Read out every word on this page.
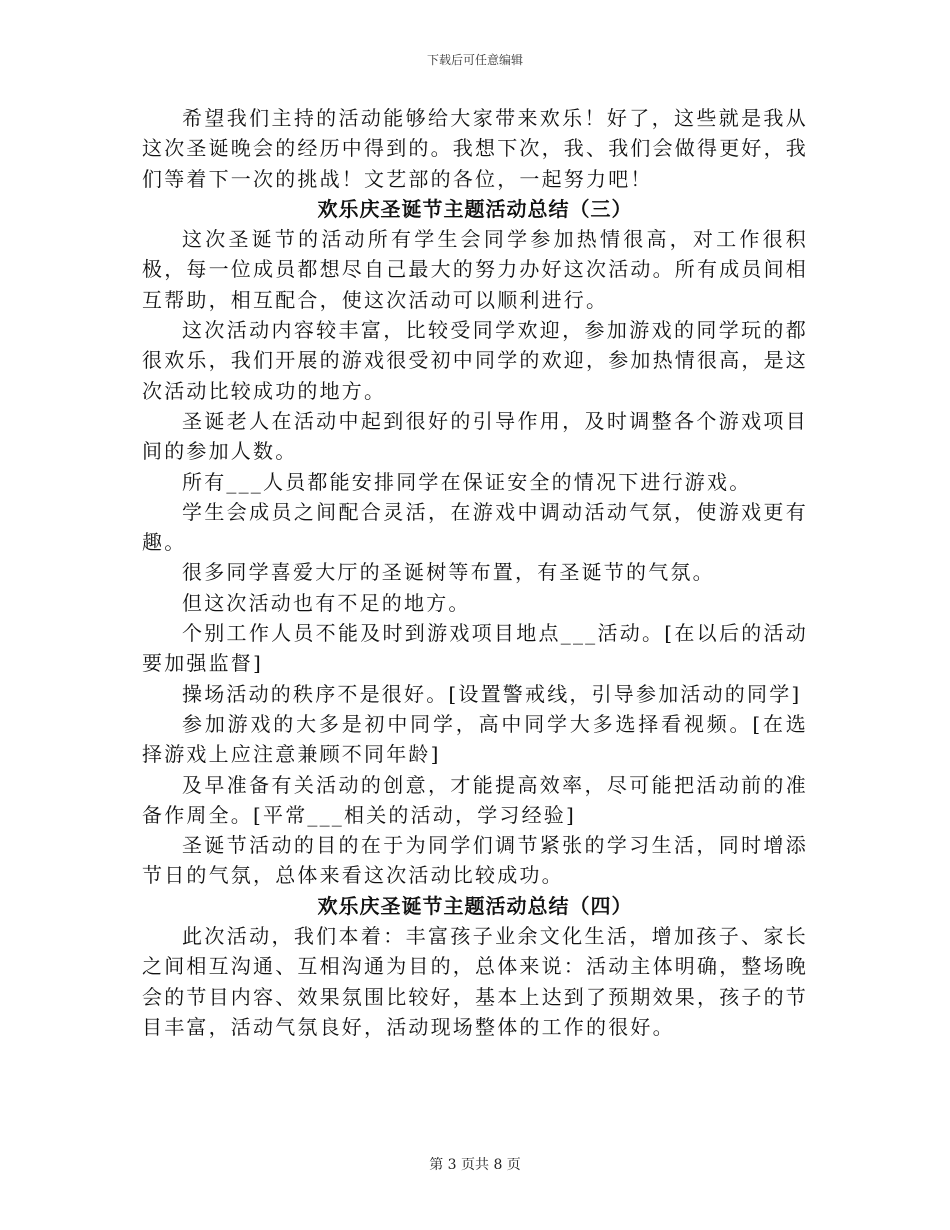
下载后可任意编辑

希望我们主持的活动能够给大家带来欢乐！好了，这些就是我从这次圣诞晚会的经历中得到的。我想下次，我、我们会做得更好，我们等着下一次的挑战！文艺部的各位，一起努力吧！

欢乐庆圣诞节主题活动总结（三）

这次圣诞节的活动所有学生会同学参加热情很高，对工作很积极，每一位成员都想尽自己最大的努力办好这次活动。所有成员间相互帮助，相互配合，使这次活动可以顺利进行。

这次活动内容较丰富，比较受同学欢迎，参加游戏的同学玩的都很欢乐，我们开展的游戏很受初中同学的欢迎，参加热情很高，是这次活动比较成功的地方。

圣诞老人在活动中起到很好的引导作用，及时调整各个游戏项目间的参加人数。

所有___人员都能安排同学在保证安全的情况下进行游戏。

学生会成员之间配合灵活，在游戏中调动活动气氛，使游戏更有趣。

很多同学喜爱大厅的圣诞树等布置，有圣诞节的气氛。

但这次活动也有不足的地方。

个别工作人员不能及时到游戏项目地点___活动。[在以后的活动要加强监督]

操场活动的秩序不是很好。[设置警戒线，引导参加活动的同学]

参加游戏的大多是初中同学，高中同学大多选择看视频。[在选择游戏上应注意兼顾不同年龄]

及早准备有关活动的创意，才能提高效率，尽可能把活动前的准备作周全。[平常___相关的活动，学习经验]

圣诞节活动的目的在于为同学们调节紧张的学习生活，同时增添节日的气氛，总体来看这次活动比较成功。

欢乐庆圣诞节主题活动总结（四）

此次活动，我们本着：丰富孩子业余文化生活，增加孩子、家长之间相互沟通、互相沟通为目的，总体来说：活动主体明确，整场晚会的节目内容、效果氛围比较好，基本上达到了预期效果，孩子的节目丰富，活动气氛良好，活动现场整体的工作的很好。

第 3 页共 8 页
